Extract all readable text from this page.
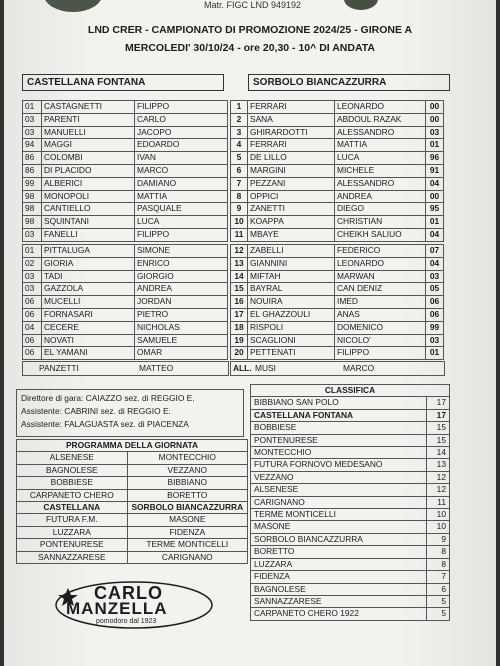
Matr. FIGC LND 949192
LND CRER - CAMPIONATO DI PROMOZIONE 2024/25 - GIRONE A
MERCOLEDI' 30/10/24 - ore 20,30 - 10^ DI ANDATA
CASTELLANA FONTANA	SORBOLO BIANCAZZURRA
01	CASTAGNETTI	FILIPPO
03	PARENTI	CARLO
03	MANUELLI	JACOPO
94	MAGGI	EDOARDO
86	COLOMBI	IVAN
86	DI PLACIDO	MARCO
99	ALBERICI	DAMIANO
98	MONOPOLI	MATTIA
98	CANTIELLO	PASQUALE
98	SQUINTANI	LUCA
03	FANELLI	FILIPPO
1	FERRARI	LEONARDO	00
2	SANA	ABDOUL RAZAK	00
3	GHIRARDOTTI	ALESSANDRO	03
4	FERRARI	MATTIA	01
5	DE LILLO	LUCA	96
6	MARGINI	MICHELE	91
7	PEZZANI	ALESSANDRO	04
8	OPPICI	ANDREA	00
9	ZANETTI	DIEGO	95
10	KOAPPA	CHRISTIAN	01
11	MBAYE	CHEIKH SALIUO	04
01	PITTALUGA	SIMONE
02	GIORIA	ENRICO
03	TADI	GIORGIO
03	GAZZOLA	ANDREA
06	MUCELLI	JORDAN
06	FORNASARI	PIETRO
04	CECERE	NICHOLAS
06	NOVATI	SAMUELE
06	EL YAMANI	OMAR
12	ZABELLI	FEDERICO	07
13	GIANNINI	LEONARDO	04
14	MIFTAH	MARWAN	03
15	BAYRAL	CAN DENIZ	05
16	NOUIRA	IMED	06
17	EL GHAZZOULI	ANAS	06
18	RISPOLI	DOMENICO	99
19	SCAGLIONI	NICOLO'	03
20	PETTENATI	FILIPPO	01
PANZETTI	MATTEO	ALL. MUSI	MARCO
Direttore di gara: CAIAZZO sez. di REGGIO E.
Assistente: CABRINI sez. di REGGIO E.
Assistente: FALAGUASTA sez. di PIACENZA
PROGRAMMA DELLA GIORNATA	
ALSENESE	MONTECCHIO
BAGNOLESE	VEZZANO
BOBBIESE	BIBBIANO
CARPANETO CHERO	BORETTO
CASTELLANA	SORBOLO BIANCAZZURRA
FUTURA F.M.	MASONE
LUZZARA	FIDENZA
PONTENURESE	TERME MONTICELLI
SANNAZZARESE	CARIGNANO
CLASSIFICA	
BIBBIANO SAN POLO	17
CASTELLANA FONTANA	17
BOBBIESE	15
PONTENURESE	15
MONTECCHIO	14
FUTURA FORNOVO MEDESANO	13
VEZZANO	12
ALSENESE	12
CARIGNANO	11
TERME MONTICELLI	10
MASONE	10
SORBOLO BIANCAZZURRA	9
BORETTO	8
LUZZARA	8
FIDENZA	7
BAGNOLESE	6
SANNAZZARESE	5
CARPANETO CHERO 1922	5
CARLO
MANZELLA
pomodoro dal 1923
